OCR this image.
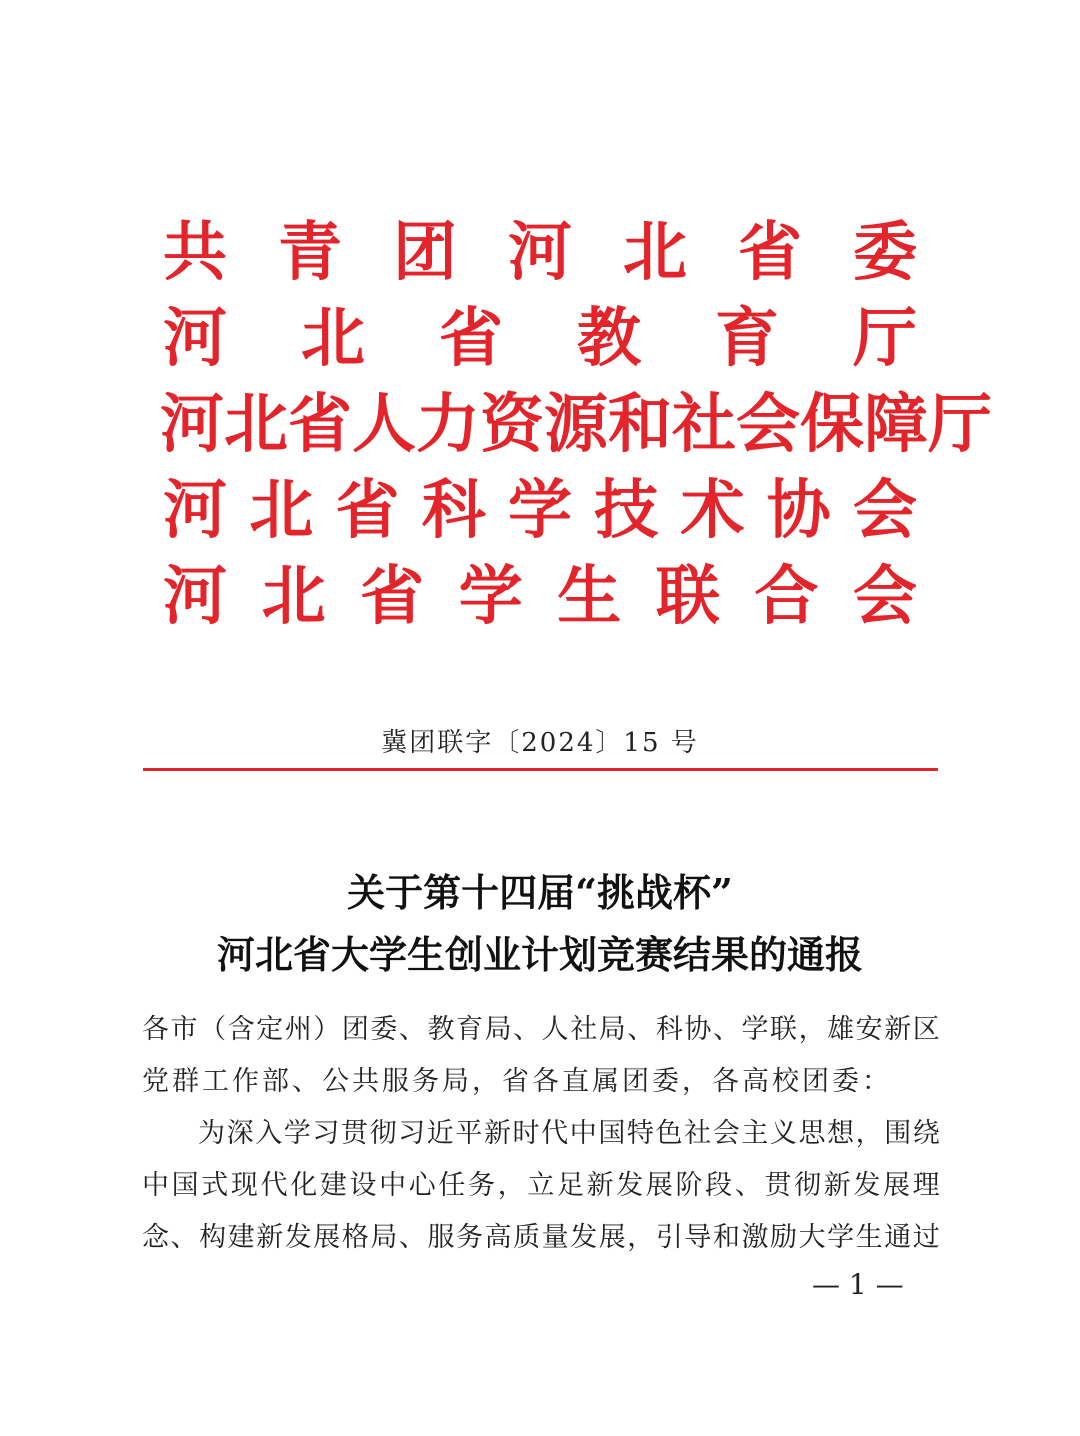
共 青 团 河 北 省 委
河 北 省 教 育 厅
河 北 省 人 力 资 源 和 社 会 保 障 厅
河 北 省 科 学 技 术 协 会
河 北 省 学 生 联 合 会
冀团联字〔2024〕15 号
关于第十四届“挑战杯”
河北省大学生创业计划竞赛结果的通报
各 市 （ 含 定 州 ） 团 委 、 教 育 局 、 人 社 局 、 科 协 、 学 联 ， 雄 安 新 区
党群工作部、公共服务局，省各直属团委，各高校团委：
为 深 入 学 习 贯 彻 习 近 平 新 时 代 中 国 特 色 社 会 主 义 思 想 ， 围 绕
中 国 式 现 代 化 建 设 中 心 任 务 ， 立 足 新 发 展 阶 段 、 贯 彻 新 发 展 理
念 、 构 建 新 发 展 格 局 、 服 务 高 质 量 发 展 ， 引 导 和 激 励 大 学 生 通 过
— 1 —
